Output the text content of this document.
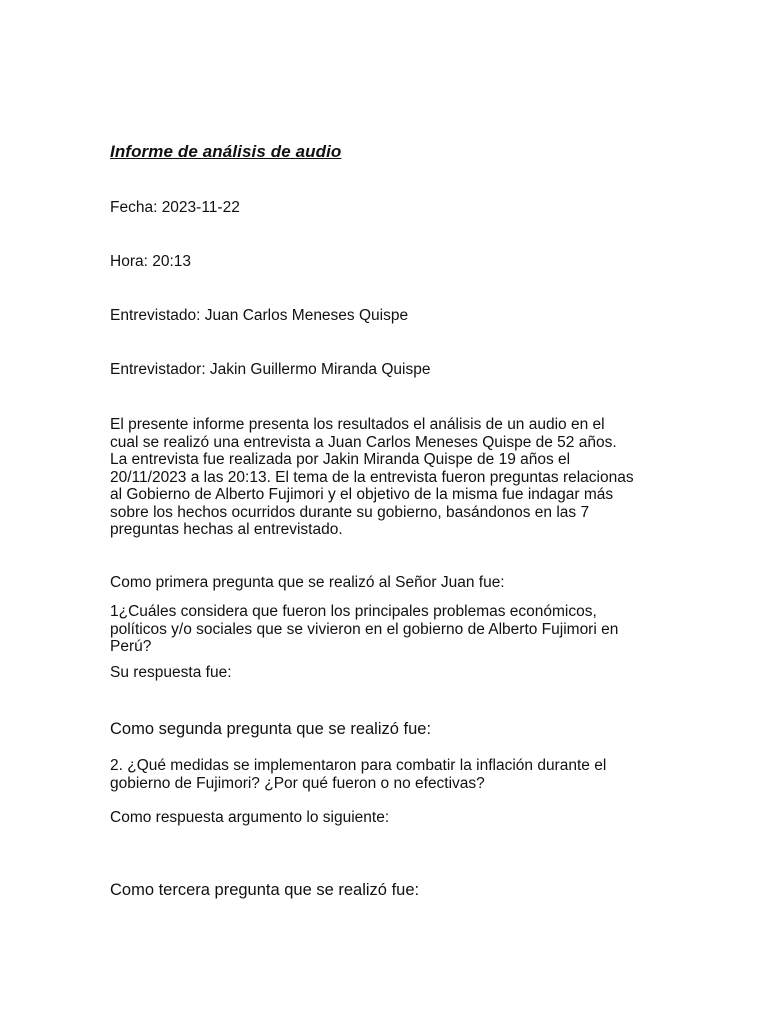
Informe de análisis de audio

Fecha: 2023-11-22

Hora: 20:13

Entrevistado: Juan Carlos Meneses Quispe

Entrevistador: Jakin Guillermo Miranda Quispe

El presente informe presenta los resultados el análisis de un audio en el
cual se realizó una entrevista a Juan Carlos Meneses Quispe de 52 años.
La entrevista fue realizada por Jakin Miranda Quispe de 19 años el
20/11/2023 a las 20:13. El tema de la entrevista fueron preguntas relacionas
al Gobierno de Alberto Fujimori y el objetivo de la misma fue indagar más
sobre los hechos ocurridos durante su gobierno, basándonos en las 7
preguntas hechas al entrevistado.

Como primera pregunta que se realizó al Señor Juan fue:

1¿Cuáles considera que fueron los principales problemas económicos,
políticos y/o sociales que se vivieron en el gobierno de Alberto Fujimori en
Perú?

Su respuesta fue:

Como segunda pregunta que se realizó fue:

2. ¿Qué medidas se implementaron para combatir la inflación durante el
gobierno de Fujimori? ¿Por qué fueron o no efectivas?

Como respuesta argumento lo siguiente:

Como tercera pregunta que se realizó fue:
